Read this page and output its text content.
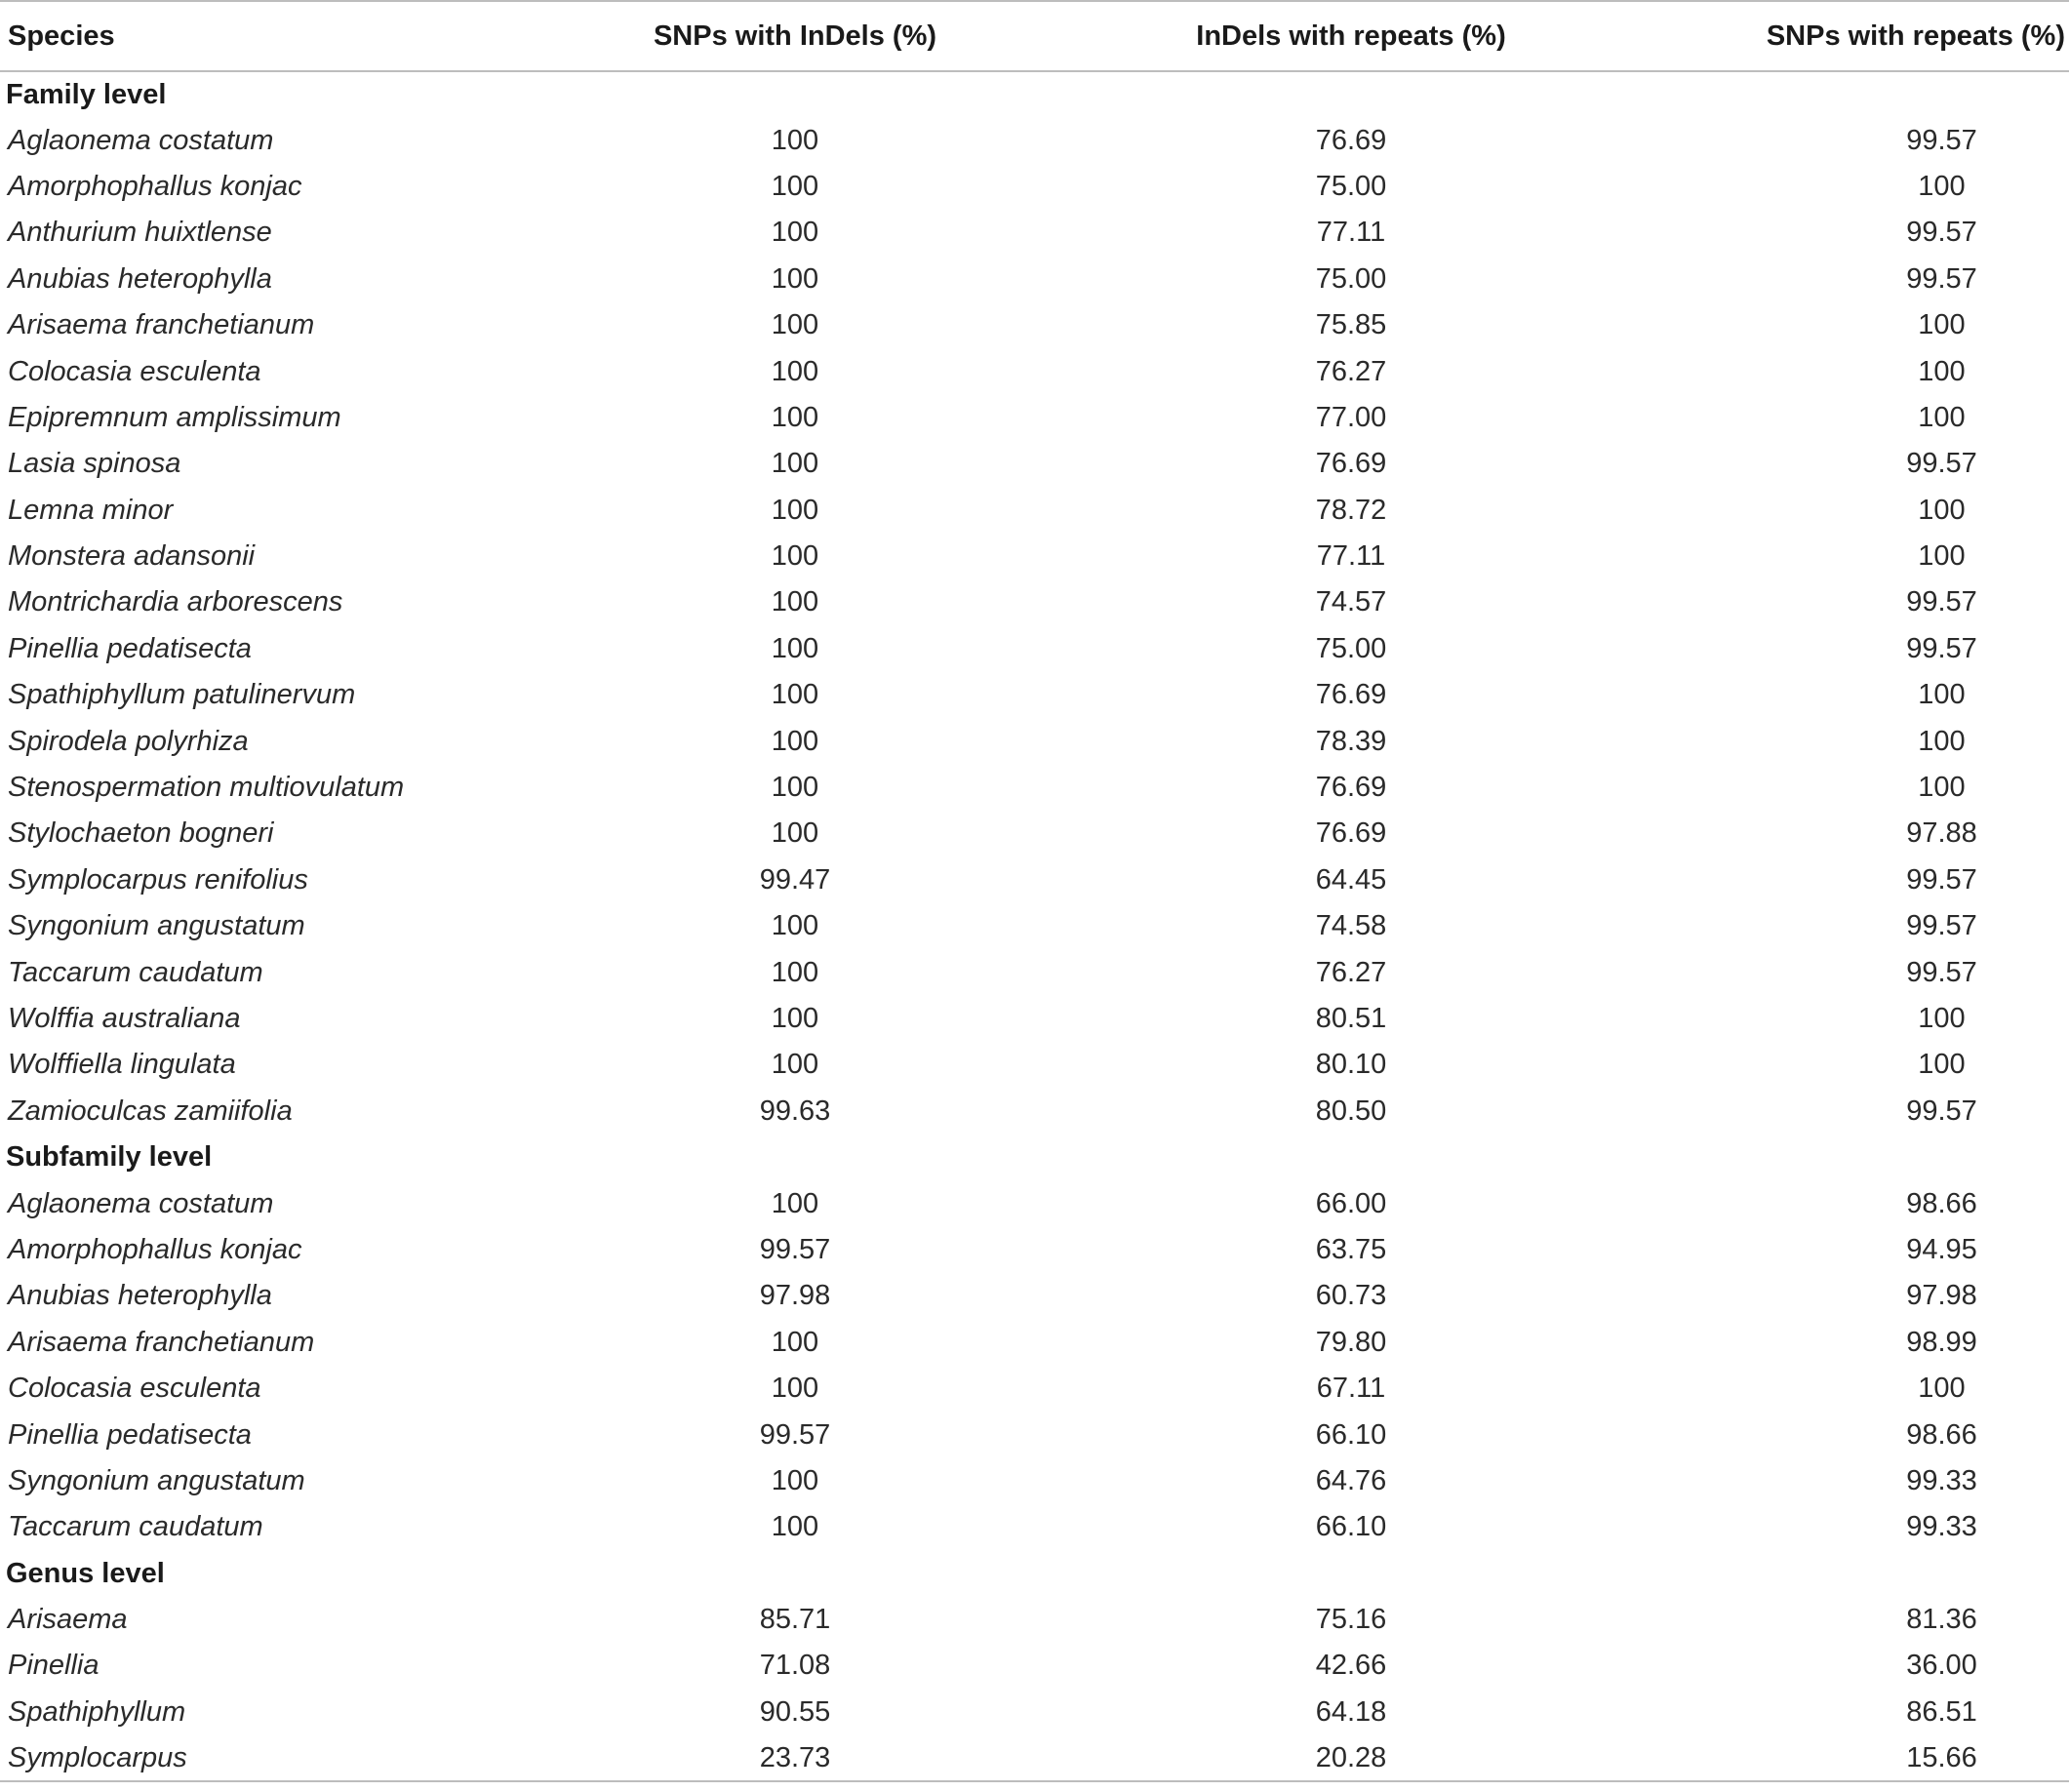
Species	SNPs with InDels (%)	InDels with repeats (%)	SNPs with repeats (%)
Family level			
Aglaonema costatum	100	76.69	99.57
Amorphophallus konjac	100	75.00	100
Anthurium huixtlense	100	77.11	99.57
Anubias heterophylla	100	75.00	99.57
Arisaema franchetianum	100	75.85	100
Colocasia esculenta	100	76.27	100
Epipremnum amplissimum	100	77.00	100
Lasia spinosa	100	76.69	99.57
Lemna minor	100	78.72	100
Monstera adansonii	100	77.11	100
Montrichardia arborescens	100	74.57	99.57
Pinellia pedatisecta	100	75.00	99.57
Spathiphyllum patulinervum	100	76.69	100
Spirodela polyrhiza	100	78.39	100
Stenospermation multiovulatum	100	76.69	100
Stylochaeton bogneri	100	76.69	97.88
Symplocarpus renifolius	99.47	64.45	99.57
Syngonium angustatum	100	74.58	99.57
Taccarum caudatum	100	76.27	99.57
Wolffia australiana	100	80.51	100
Wolffiella lingulata	100	80.10	100
Zamioculcas zamiifolia	99.63	80.50	99.57
Subfamily level			
Aglaonema costatum	100	66.00	98.66
Amorphophallus konjac	99.57	63.75	94.95
Anubias heterophylla	97.98	60.73	97.98
Arisaema franchetianum	100	79.80	98.99
Colocasia esculenta	100	67.11	100
Pinellia pedatisecta	99.57	66.10	98.66
Syngonium angustatum	100	64.76	99.33
Taccarum caudatum	100	66.10	99.33
Genus level			
Arisaema	85.71	75.16	81.36
Pinellia	71.08	42.66	36.00
Spathiphyllum	90.55	64.18	86.51
Symplocarpus	23.73	20.28	15.66
